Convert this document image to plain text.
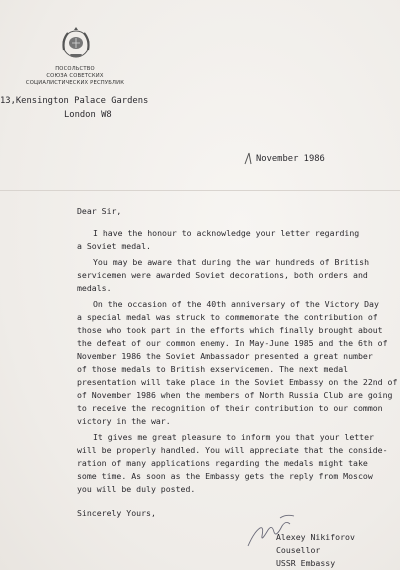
ПОСОЛЬСТВО
СОЮЗА СОВЕТСКИХ
СОЦИАЛИСТИЧЕСКИХ РЕСПУБЛИК
13,Kensington Palace Gardens
London W8
November 1986
Dear Sir,
I have the honour to acknowledge your letter regarding
a Soviet medal.
You may be aware that during the war hundreds of British
servicemen were awarded Soviet decorations, both orders and
medals.
On the occasion of the 40th anniversary of the Victory Day
a special medal was struck to commemorate the contribution of
those who took part in the efforts which finally brought about
the defeat of our common enemy. In May-June 1985 and the 6th of
November 1986 the Soviet Ambassador presented a great number
of those medals to British exservicemen. The next medal
presentation will take place in the Soviet Embassy on the 22nd of
of November 1986 when the members of North Russia Club are going
to receive the recognition of their contribution to our common
victory in the war.
It gives me great pleasure to inform you that your letter
will be properly handled. You will appreciate that the conside-
ration of many applications regarding the medals might take
some time. As soon as the Embassy gets the reply from Moscow
you will be duly posted.
Sincerely Yours,
Alexey Nikiforov
Cousellor
USSR Embassy
